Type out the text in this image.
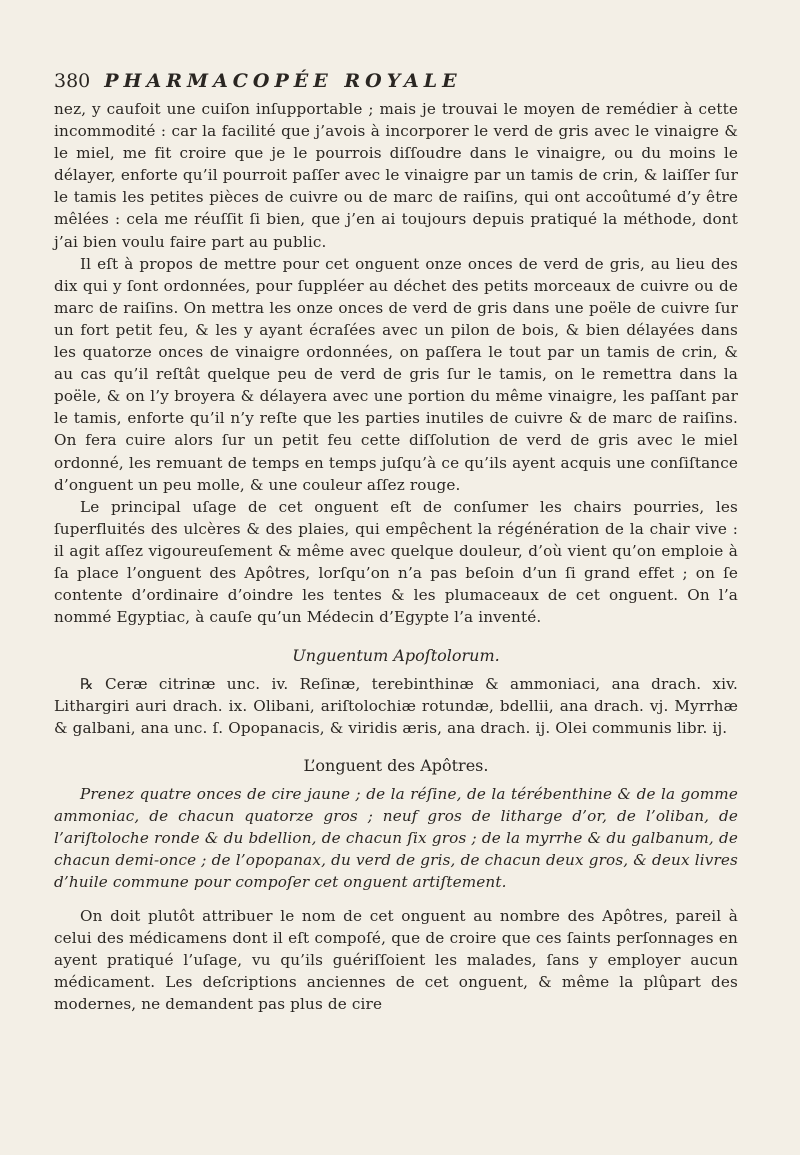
380 PHARMACOPÉE ROYALE

nez, y caufoit une cuiſon inſupportable ; mais je trouvai le moyen de remédier à cette incommodité : car la facilité que j’avois à incorporer le verd de gris avec le vinaigre & le miel, me fit croire que je le pourrois diſſoudre dans le vinaigre, ou du moins le délayer, enforte qu’il pourroit paſſer avec le vinaigre par un tamis de crin, & laiſſer ſur le tamis les petites pièces de cuivre ou de marc de raiſins, qui ont accoûtumé d’y être mêlées : cela me réuſſit ſi bien, que j’en ai toujours depuis pratiqué la méthode, dont j’ai bien voulu faire part au public.

Il eſt à propos de mettre pour cet onguent onze onces de verd de gris, au lieu des dix qui y ſont ordonnées, pour ſuppléer au déchet des petits morceaux de cuivre ou de marc de raiſins. On mettra les onze onces de verd de gris dans une poële de cuivre ſur un fort petit feu, & les y ayant écraſées avec un pilon de bois, & bien délayées dans les quatorze onces de vinaigre ordonnées, on paſſera le tout par un tamis de crin, & au cas qu’il reſtât quelque peu de verd de gris ſur le tamis, on le remettra dans la poële, & on l’y broyera & délayera avec une portion du même vinaigre, les paſſant par le tamis, enforte qu’il n’y reſte que les parties inutiles de cuivre & de marc de raiſins. On fera cuire alors ſur un petit feu cette diſſolution de verd de gris avec le miel ordonné, les remuant de temps en temps juſqu’à ce qu’ils ayent acquis une conſiſtance d’onguent un peu molle, & une couleur aſſez rouge.

Le principal uſage de cet onguent eſt de conſumer les chairs pourries, les ſuperfluités des ulcères & des plaies, qui empêchent la régénération de la chair vive : il agit aſſez vigoureuſement & même avec quelque douleur, d’où vient qu’on emploie à ſa place l’onguent des Apôtres, lorſqu’on n’a pas beſoin d’un ſi grand effet ; on ſe contente d’ordinaire d’oindre les tentes & les plumaceaux de cet onguent. On l’a nommé Egyptiac, à cauſe qu’un Médecin d’Egypte l’a inventé.

Unguentum Apoſtolorum.

℞ Ceræ citrinæ unc. iv. Reſinæ, terebinthinæ & ammoniaci, ana drach. xiv. Lithargiri auri drach. ix. Olibani, ariſtolochiæ rotundæ, bdellii, ana drach. vj. Myrrhæ & galbani, ana unc. ſ. Opopanacis, & viridis æris, ana drach. ij. Olei communis libr. ij.

L’onguent des Apôtres.

Prenez quatre onces de cire jaune ; de la réſine, de la térébenthine & de la gomme ammoniac, de chacun quatorze gros ; neuf gros de litharge d’or, de l’oliban, de l’ariſtoloche ronde & du bdellion, de chacun ſix gros ; de la myrrhe & du galbanum, de chacun demi-once ; de l’opopanax, du verd de gris, de chacun deux gros, & deux livres d’huile commune pour compoſer cet onguent artiſtement.

On doit plutôt attribuer le nom de cet onguent au nombre des Apôtres, pareil à celui des médicamens dont il eſt compoſé, que de croire que ces ſaints perſonnages en ayent pratiqué l’uſage, vu qu’ils guériſſoient les malades, ſans y employer aucun médicament. Les deſcriptions anciennes de cet onguent, & même la plûpart des modernes, ne demandent pas plus de cire
